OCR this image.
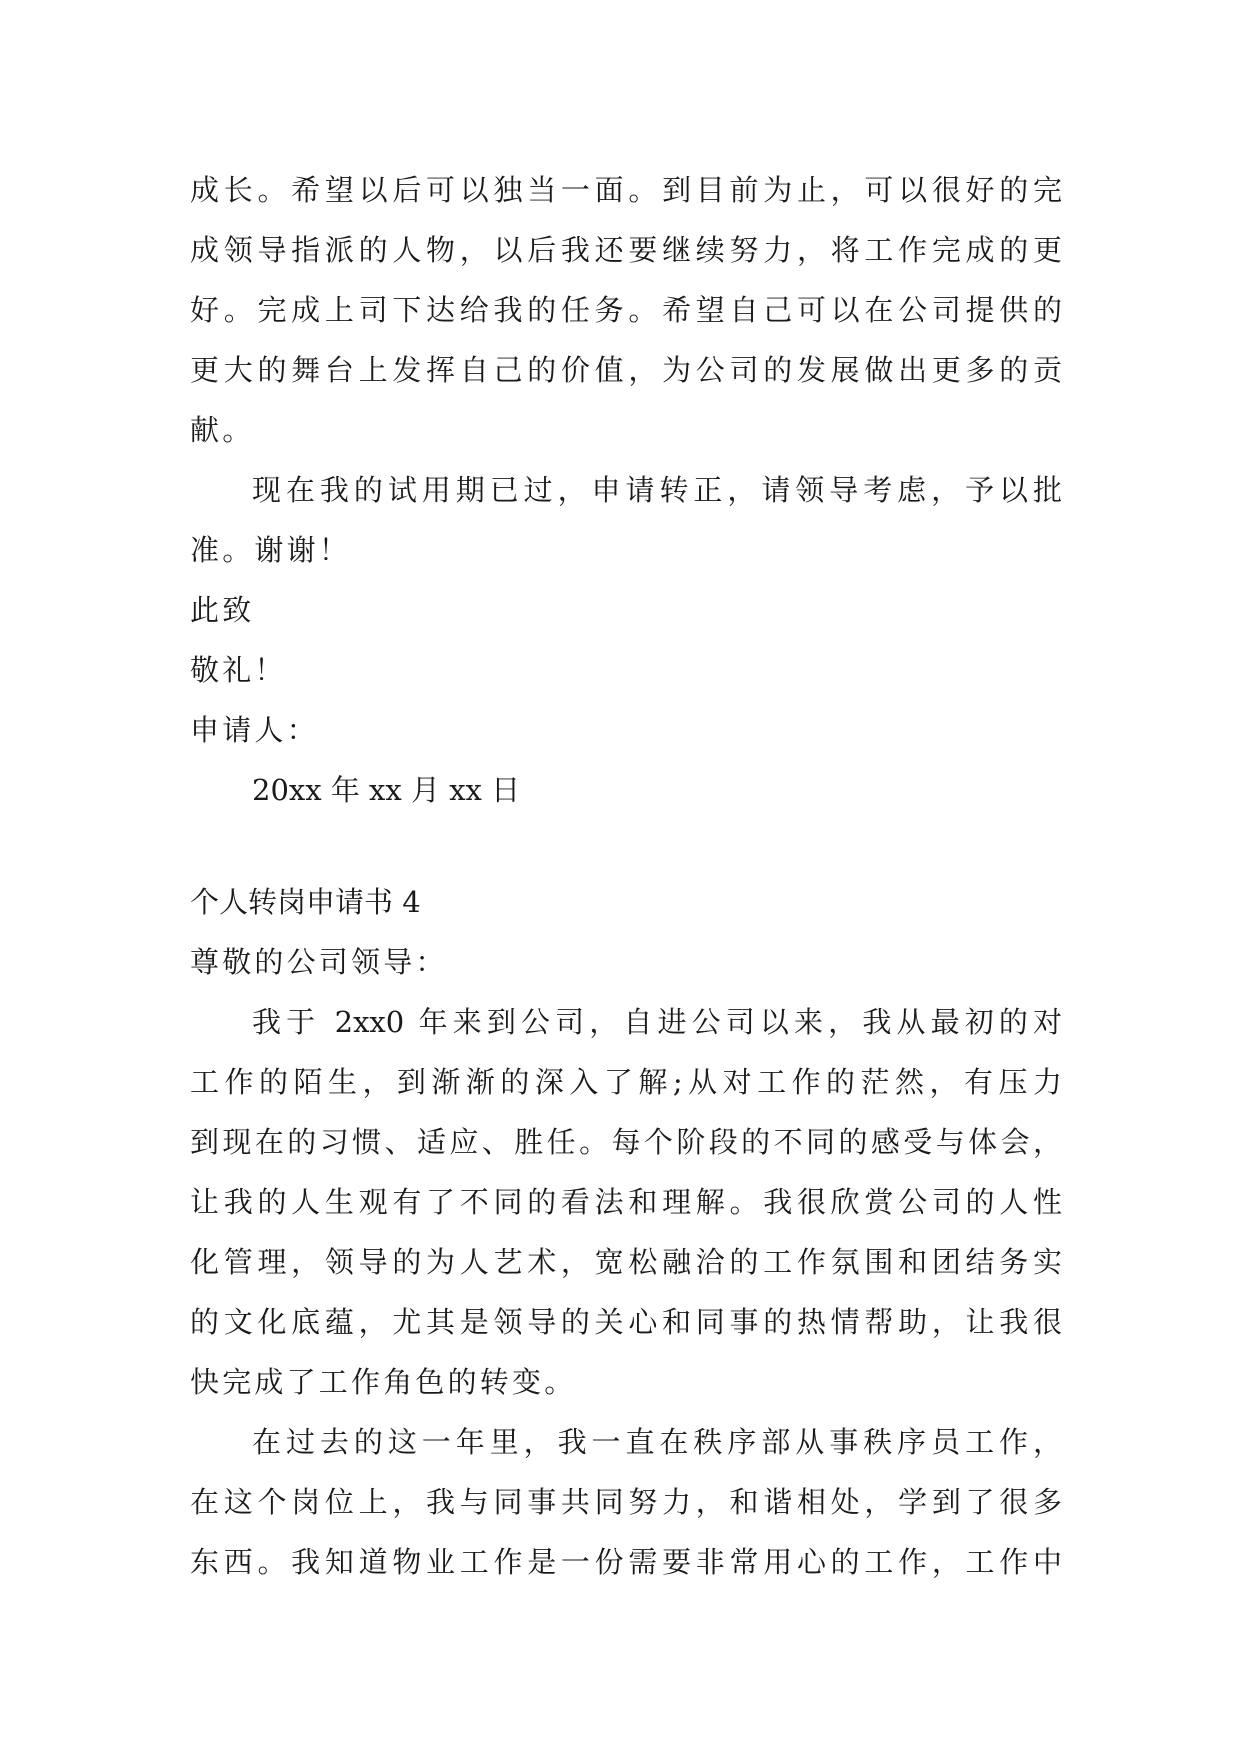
成长。希望以后可以独当一面。到目前为止，可以很好的完
成领导指派的人物，以后我还要继续努力，将工作完成的更
好。完成上司下达给我的任务。希望自己可以在公司提供的
更大的舞台上发挥自己的价值，为公司的发展做出更多的贡
献。
现在我的试用期已过，申请转正，请领导考虑，予以批
准。谢谢！
此致
敬礼！
申请人：
20xx 年 xx 月 xx 日
个人转岗申请书 4
尊敬的公司领导：
我于 2xx0 年来到公司，自进公司以来，我从最初的对
工作的陌生，到渐渐的深入了解;从对工作的茫然，有压力
到现在的习惯、适应、胜任。每个阶段的不同的感受与体会，
让我的人生观有了不同的看法和理解。我很欣赏公司的人性
化管理，领导的为人艺术，宽松融洽的工作氛围和团结务实
的文化底蕴，尤其是领导的关心和同事的热情帮助，让我很
快完成了工作角色的转变。
在过去的这一年里，我一直在秩序部从事秩序员工作，
在这个岗位上，我与同事共同努力，和谐相处，学到了很多
东西。我知道物业工作是一份需要非常用心的工作，工作中
